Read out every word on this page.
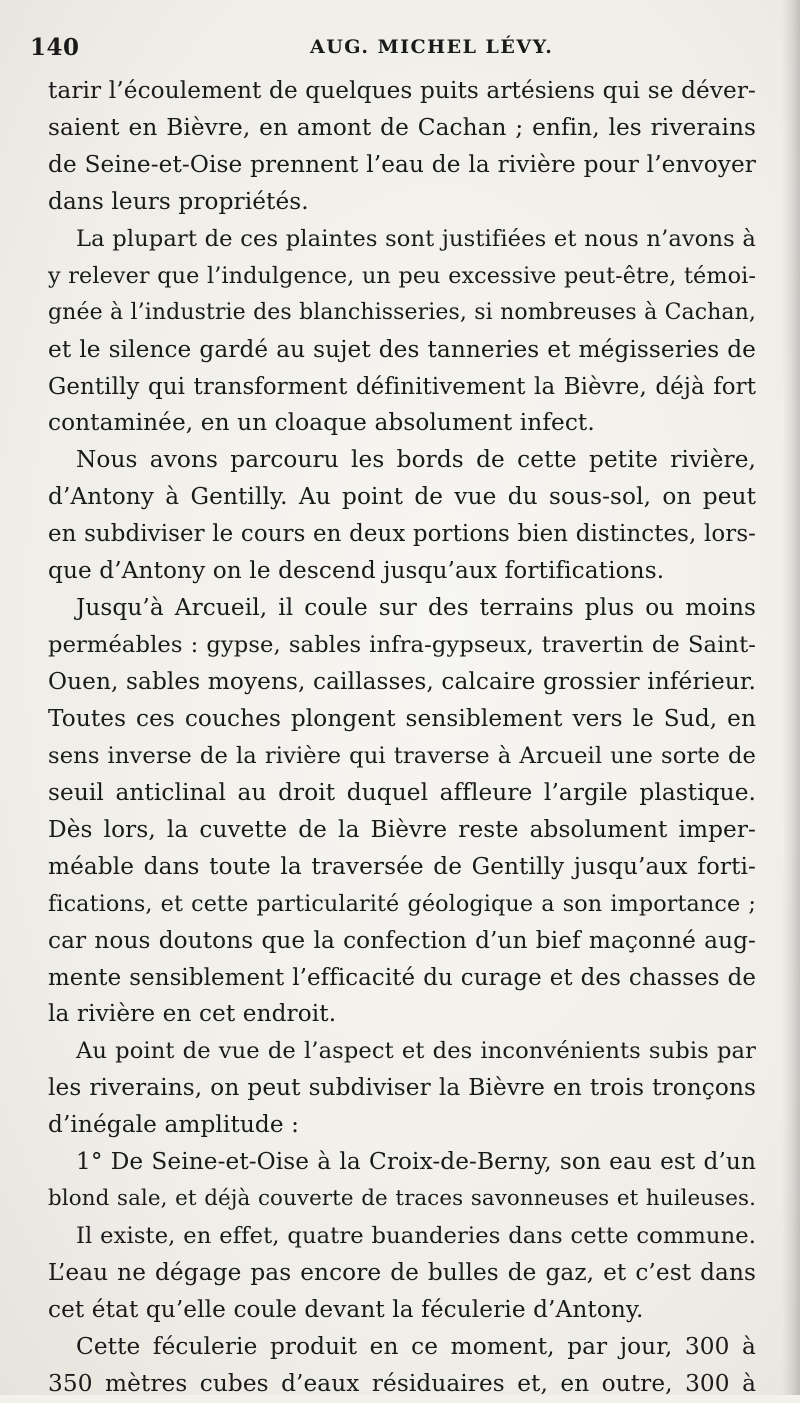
140	AUG. MICHEL LÉVY.
tarir l’écoulement de quelques puits artésiens qui se déver-
saient en Bièvre, en amont de Cachan ; enfin, les riverains
de Seine-et-Oise prennent l’eau de la rivière pour l’envoyer
dans leurs propriétés.
La plupart de ces plaintes sont justifiées et nous n’avons à
y relever que l’indulgence, un peu excessive peut-être, témoi-
gnée à l’industrie des blanchisseries, si nombreuses à Cachan,
et le silence gardé au sujet des tanneries et mégisseries de
Gentilly qui transforment définitivement la Bièvre, déjà fort
contaminée, en un cloaque absolument infect.
Nous avons parcouru les bords de cette petite rivière,
d’Antony à Gentilly. Au point de vue du sous-sol, on peut
en subdiviser le cours en deux portions bien distinctes, lors-
que d’Antony on le descend jusqu’aux fortifications.
Jusqu’à Arcueil, il coule sur des terrains plus ou moins
perméables : gypse, sables infra-gypseux, travertin de Saint-
Ouen, sables moyens, caillasses, calcaire grossier inférieur.
Toutes ces couches plongent sensiblement vers le Sud, en
sens inverse de la rivière qui traverse à Arcueil une sorte de
seuil anticlinal au droit duquel affleure l’argile plastique.
Dès lors, la cuvette de la Bièvre reste absolument imper-
méable dans toute la traversée de Gentilly jusqu’aux forti-
fications, et cette particularité géologique a son importance ;
car nous doutons que la confection d’un bief maçonné aug-
mente sensiblement l’efficacité du curage et des chasses de
la rivière en cet endroit.
Au point de vue de l’aspect et des inconvénients subis par
les riverains, on peut subdiviser la Bièvre en trois tronçons
d’inégale amplitude :
1° De Seine-et-Oise à la Croix-de-Berny, son eau est d’un
blond sale, et déjà couverte de traces savonneuses et huileuses.
Il existe, en effet, quatre buanderies dans cette commune.
L’eau ne dégage pas encore de bulles de gaz, et c’est dans
cet état qu’elle coule devant la féculerie d’Antony.
Cette féculerie produit en ce moment, par jour, 300 à
350 mètres cubes d’eaux résiduaires et, en outre, 300 à
